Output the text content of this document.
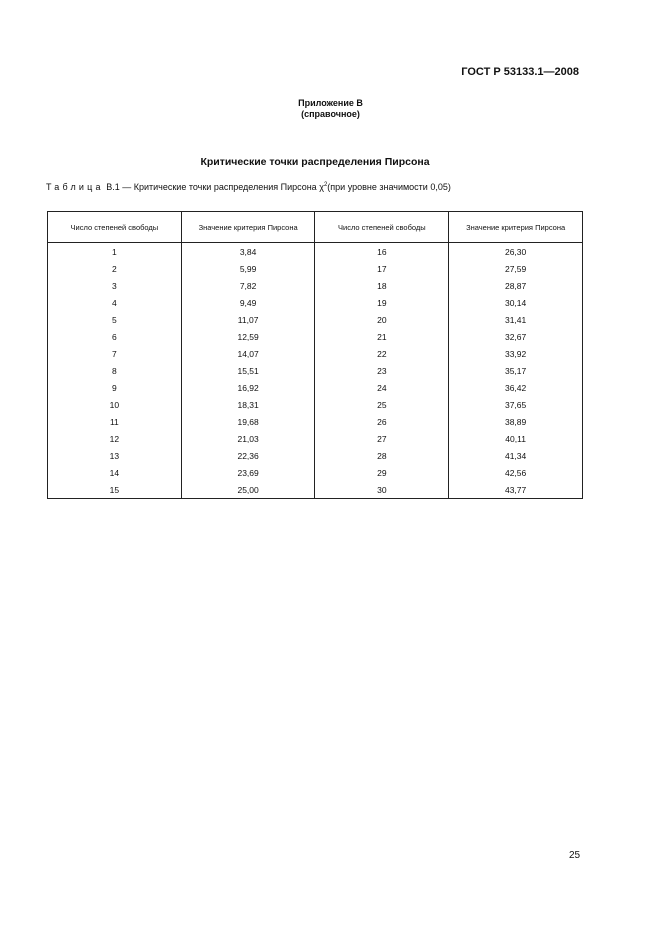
ГОСТ Р 53133.1—2008
Приложение В
(справочное)
Критические точки распределения Пирсона
Таблица В.1 — Критические точки распределения Пирсона $\chi^2(при$ уровне значимости 0,05)
Число степеней свободы	Значение критерия Пирсона	Число степеней свободы	Значение критерия Пирсона
1	3,84	16	26,30
2	5,99	17	27,59
3	7,82	18	28,87
4	9,49	19	30,14
5	11,07	20	31,41
6	12,59	21	32,67
7	14,07	22	33,92
8	15,51	23	35,17
9	16,92	24	36,42
10	18,31	25	37,65
11	19,68	26	38,89
12	21,03	27	40,11
13	22,36	28	41,34
14	23,69	29	42,56
15	25,00	30	43,77
25
